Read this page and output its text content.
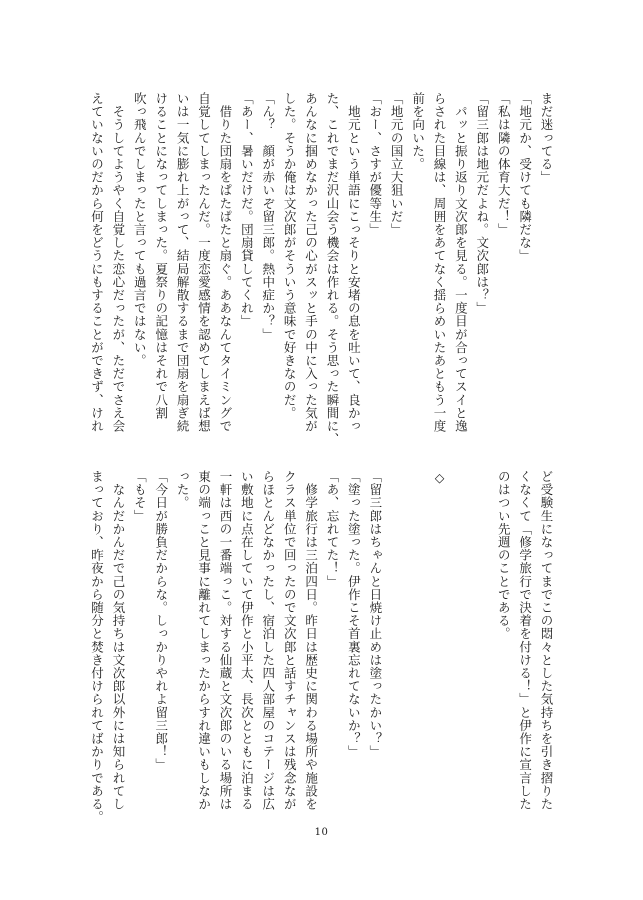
まだ迷ってる」
「地元か、受けても隣だな」
「私は隣の体育大だ！」
「留三郎は地元だよね。文次郎は？」
　パッと振り返り文次郎を見る。一度目が合ってスイと逸
らされた目線は、周囲をあてなく揺らめいたあともう一度
前を向いた。
「地元の国立大狙いだ」
「おー、さすが優等生」
　地元という単語にこっそりと安堵の息を吐いて、良かっ
た、これでまだ沢山会う機会は作れる。そう思った瞬間に、
あんなに掴めなかった己の心がスッと手の中に入った気が
した。そうか俺は文次郎がそういう意味で好きなのだ。
「ん？　顔が赤いぞ留三郎。熱中症か？」
「あー、暑いだけだ。団扇貸してくれ」
　借りた団扇をぱたぱたと扇ぐ。ああなんてタイミングで
自覚してしまったんだ。一度恋愛感情を認めてしまえば想
いは一気に膨れ上がって、結局解散するまで団扇を扇ぎ続
けることになってしまった。夏祭りの記憶はそれで八割
吹っ飛んでしまったと言っても過言ではない。
　そうしてようやく自覚した恋心だったが、ただでさえ会
えていないのだから何をどうにもすることができず、けれ
ど受験生になってまでこの悶々とした気持ちを引き摺りた
くなくて「修学旅行で決着を付ける！」と伊作に宣言した
のはつい先週のことである。

◇

「留三郎はちゃんと日焼け止めは塗ったかい？」
「塗った塗った。伊作こそ首裏忘れてないか？」
「あ、忘れてた！」
　修学旅行は三泊四日。昨日は歴史に関わる場所や施設を
クラス単位で回ったので文次郎と話すチャンスは残念なが
らほとんどなかったし、宿泊した四人部屋のコテージは広
い敷地に点在していて伊作と小平太、長次とともに泊まる
一軒は西の一番端っこ。対する仙蔵と文次郎のいる場所は
東の端っこと見事に離れてしまったからすれ違いもしなか
った。
「今日が勝負だからな。しっかりやれよ留三郎！」
「もそ」
　なんだかんだで己の気持ちは文次郎以外には知られてし
まっており、昨夜から随分と焚き付けられてばかりである。
10
